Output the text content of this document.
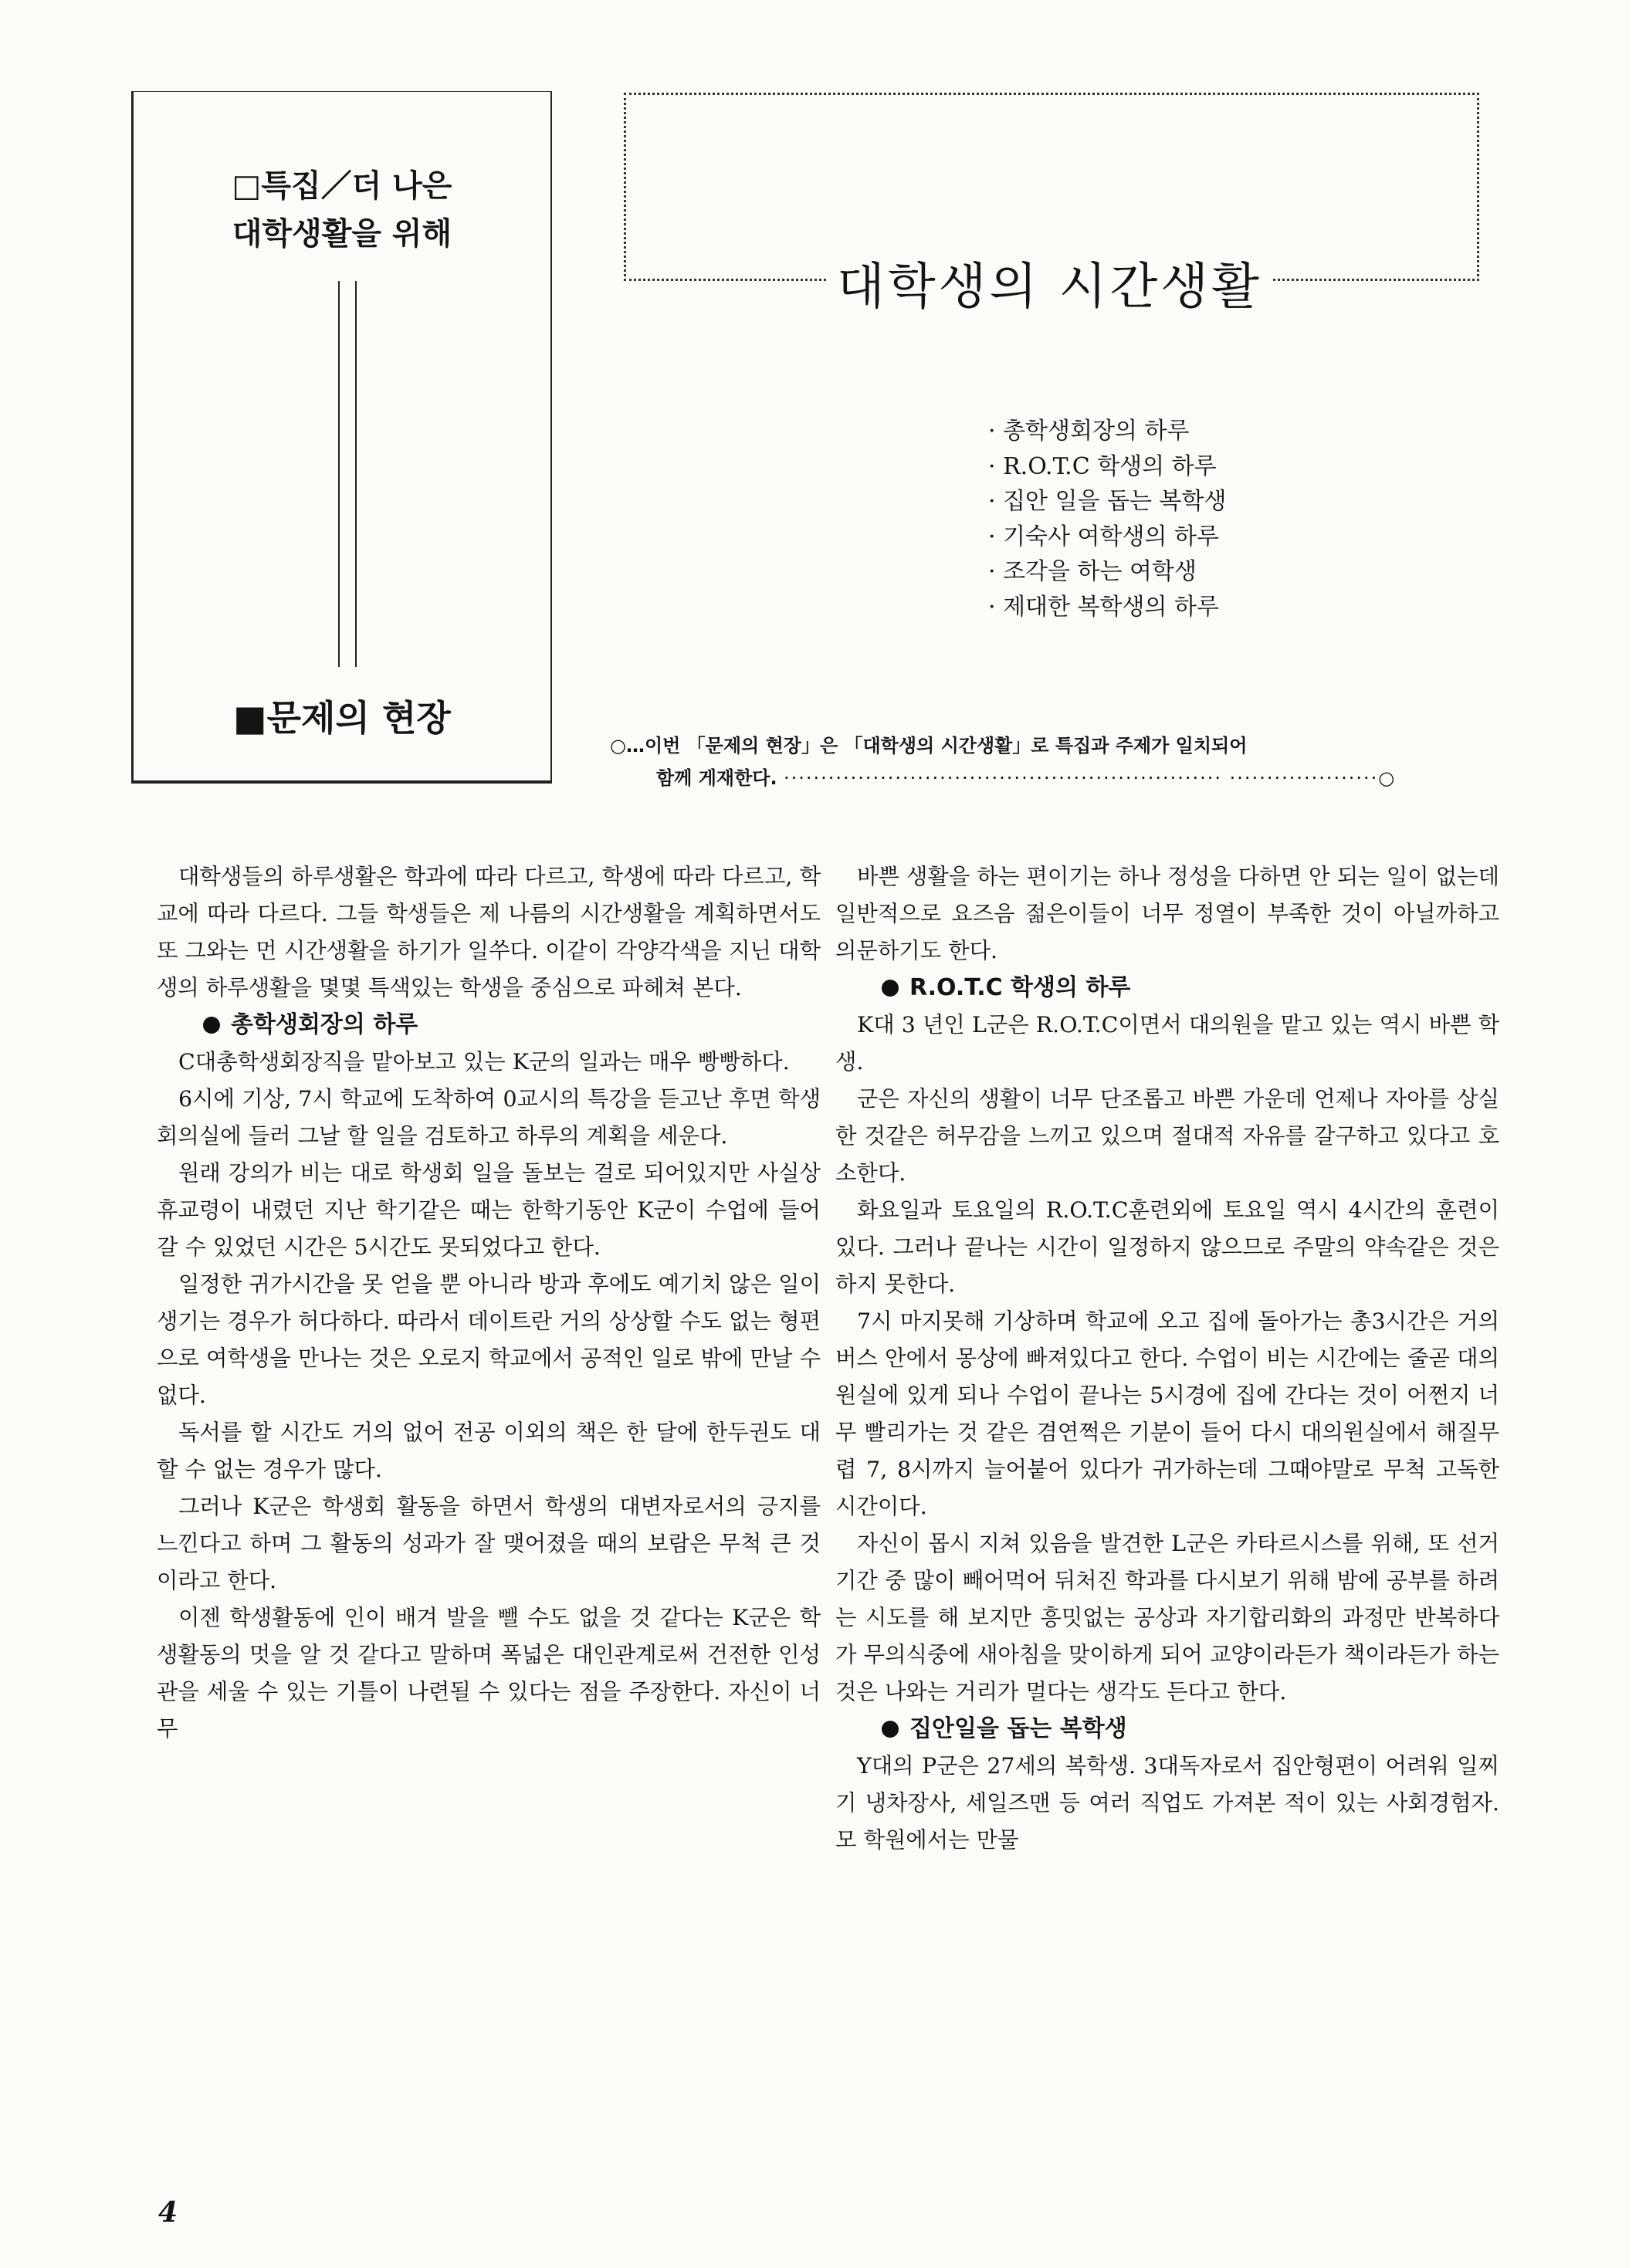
□특집／더 나은
대학생활을 위해
■문제의 현장
대학생의 시간생활
· 총학생회장의 하루
· R.O.T.C 학생의 하루
· 집안 일을 돕는 복학생
· 기숙사 여학생의 하루
· 조각을 하는 여학생
· 제대한 복학생의 하루
○…이번 「문제의 현장」은 「대학생의 시간생활」로 특집과 주제가 일치되어
함께 게재한다. ··························································· ····················○

대학생들의 하루생활은 학과에 따라 다르고, 학생에 따라 다르고, 학교에 따라 다르다. 그들 학생들은 제 나름의 시간생활을 계획하면서도 또 그와는 먼 시간생활을 하기가 일쑤다. 이같이 각양각색을 지닌 대학생의 하루생활을 몇몇 특색있는 학생을 중심으로 파헤쳐 본다.

총학생회장의 하루

C대총학생회장직을 맡아보고 있는 K군의 일과는 매우 빵빵하다.

6시에 기상, 7시 학교에 도착하여 0교시의 특강을 듣고난 후면 학생회의실에 들러 그날 할 일을 검토하고 하루의 계획을 세운다.

원래 강의가 비는 대로 학생회 일을 돌보는 걸로 되어있지만 사실상 휴교령이 내렸던 지난 학기같은 때는 한학기동안 K군이 수업에 들어갈 수 있었던 시간은 5시간도 못되었다고 한다.

일정한 귀가시간을 못 얻을 뿐 아니라 방과 후에도 예기치 않은 일이 생기는 경우가 허다하다. 따라서 데이트란 거의 상상할 수도 없는 형편으로 여학생을 만나는 것은 오로지 학교에서 공적인 일로 밖에 만날 수 없다.

독서를 할 시간도 거의 없어 전공 이외의 책은 한 달에 한두권도 대할 수 없는 경우가 많다.

그러나 K군은 학생회 활동을 하면서 학생의 대변자로서의 긍지를 느낀다고 하며 그 활동의 성과가 잘 맺어졌을 때의 보람은 무척 큰 것이라고 한다.

이젠 학생활동에 인이 배겨 발을 뺄 수도 없을 것 같다는 K군은 학생활동의 멋을 알 것 같다고 말하며 폭넓은 대인관계로써 건전한 인성관을 세울 수 있는 기틀이 나련될 수 있다는 점을 주장한다. 자신이 너무

바쁜 생활을 하는 편이기는 하나 정성을 다하면 안 되는 일이 없는데 일반적으로 요즈음 젊은이들이 너무 정열이 부족한 것이 아닐까하고 의문하기도 한다.

R.O.T.C 학생의 하루

K대 3 년인 L군은 R.O.T.C이면서 대의원을 맡고 있는 역시 바쁜 학생.

군은 자신의 생활이 너무 단조롭고 바쁜 가운데 언제나 자아를 상실한 것같은 허무감을 느끼고 있으며 절대적 자유를 갈구하고 있다고 호소한다.

화요일과 토요일의 R.O.T.C훈련외에 토요일 역시 4시간의 훈련이 있다. 그러나 끝나는 시간이 일정하지 않으므로 주말의 약속같은 것은 하지 못한다.

7시 마지못해 기상하며 학교에 오고 집에 돌아가는 총3시간은 거의 버스 안에서 몽상에 빠져있다고 한다. 수업이 비는 시간에는 줄곧 대의원실에 있게 되나 수업이 끝나는 5시경에 집에 간다는 것이 어쩐지 너무 빨리가는 것 같은 겸연쩍은 기분이 들어 다시 대의원실에서 해질무렵 7, 8시까지 늘어붙어 있다가 귀가하는데 그때야말로 무척 고독한 시간이다.

자신이 몹시 지쳐 있음을 발견한 L군은 카타르시스를 위해, 또 선거기간 중 많이 빼어먹어 뒤처진 학과를 다시보기 위해 밤에 공부를 하려는 시도를 해 보지만 흥밋없는 공상과 자기합리화의 과정만 반복하다가 무의식중에 새아침을 맞이하게 되어 교양이라든가 책이라든가 하는 것은 나와는 거리가 멀다는 생각도 든다고 한다.

집안일을 돕는 복학생

Y대의 P군은 27세의 복학생. 3대독자로서 집안형편이 어려워 일찌기 냉차장사, 세일즈맨 등 여러 직업도 가져본 적이 있는 사회경험자. 모 학원에서는 만물

4
